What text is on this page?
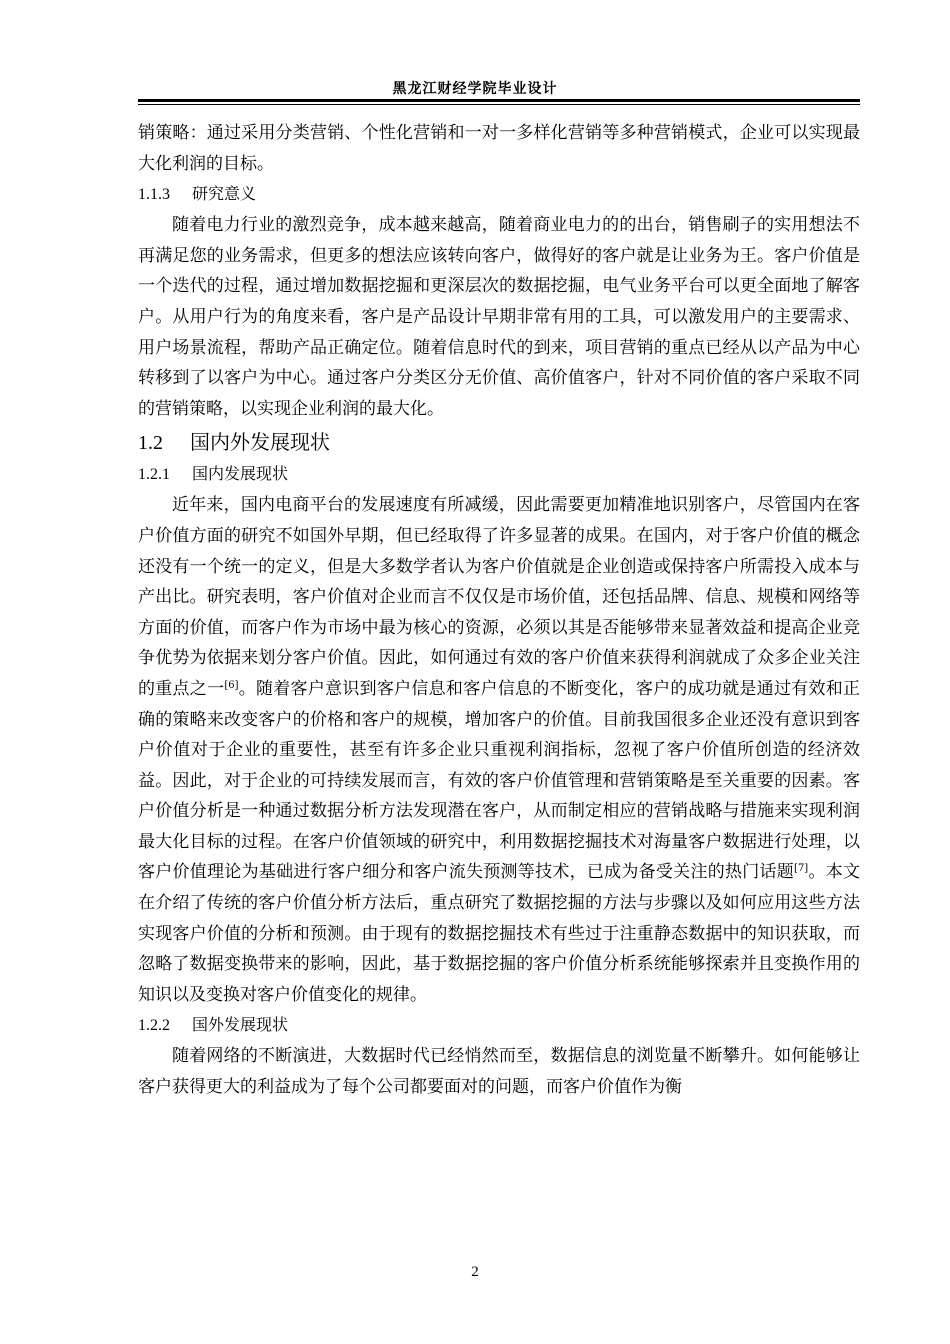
黑龙江财经学院毕业设计

销策略：通过采用分类营销、个性化营销和一对一多样化营销等多种营销模式，企业可以实现最大化利润的目标。

1.1.3 研究意义

随着电力行业的激烈竞争，成本越来越高，随着商业电力的的出台，销售刷子的实用想法不再满足您的业务需求，但更多的想法应该转向客户，做得好的客户就是让业务为王。客户价值是一个迭代的过程，通过增加数据挖掘和更深层次的数据挖掘，电气业务平台可以更全面地了解客户。从用户行为的角度来看，客户是产品设计早期非常有用的工具，可以激发用户的主要需求、用户场景流程，帮助产品正确定位。随着信息时代的到来，项目营销的重点已经从以产品为中心转移到了以客户为中心。通过客户分类区分无价值、高价值客户，针对不同价值的客户采取不同的营销策略，以实现企业利润的最大化。

1.2 国内外发展现状
1.2.1 国内发展现状

近年来，国内电商平台的发展速度有所减缓，因此需要更加精准地识别客户，尽管国内在客户价值方面的研究不如国外早期，但已经取得了许多显著的成果。在国内，对于客户价值的概念还没有一个统一的定义，但是大多数学者认为客户价值就是企业创造或保持客户所需投入成本与产出比。研究表明，客户价值对企业而言不仅仅是市场价值，还包括品牌、信息、规模和网络等方面的价值，而客户作为市场中最为核心的资源，必须以其是否能够带来显著效益和提高企业竞争优势为依据来划分客户价值。因此，如何通过有效的客户价值来获得利润就成了众多企业关注的重点之一[6]。随着客户意识到客户信息和客户信息的不断变化，客户的成功就是通过有效和正确的策略来改变客户的价格和客户的规模，增加客户的价值。目前我国很多企业还没有意识到客户价值对于企业的重要性，甚至有许多企业只重视利润指标，忽视了客户价值所创造的经济效益。因此，对于企业的可持续发展而言，有效的客户价值管理和营销策略是至关重要的因素。客户价值分析是一种通过数据分析方法发现潜在客户，从而制定相应的营销战略与措施来实现利润最大化目标的过程。在客户价值领域的研究中，利用数据挖掘技术对海量客户数据进行处理，以客户价值理论为基础进行客户细分和客户流失预测等技术，已成为备受关注的热门话题[7]。本文在介绍了传统的客户价值分析方法后，重点研究了数据挖掘的方法与步骤以及如何应用这些方法实现客户价值的分析和预测。由于现有的数据挖掘技术有些过于注重静态数据中的知识获取，而忽略了数据变换带来的影响，因此，基于数据挖掘的客户价值分析系统能够探索并且变换作用的知识以及变换对客户价值变化的规律。

1.2.2 国外发展现状

随着网络的不断演进，大数据时代已经悄然而至，数据信息的浏览量不断攀升。如何能够让客户获得更大的利益成为了每个公司都要面对的问题，而客户价值作为衡

2
